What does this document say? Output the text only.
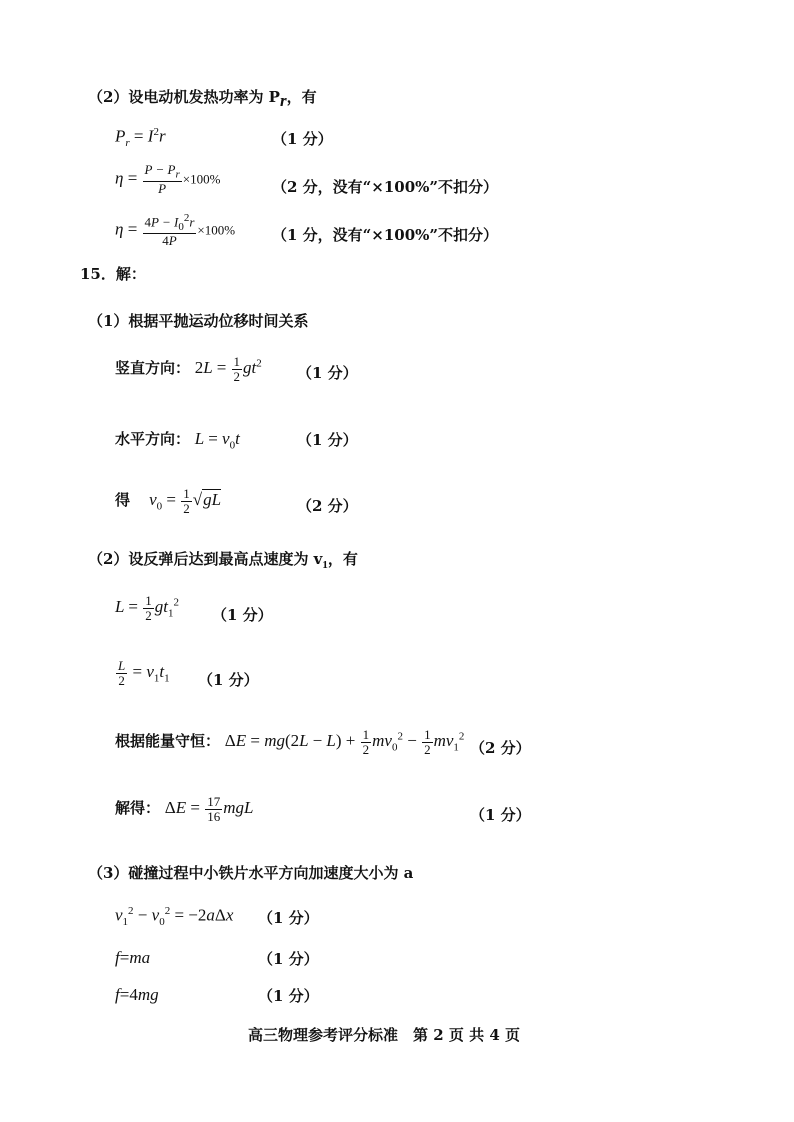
（2）设电动机发热功率为 $P_r$，有
$P_r = I^2r$	（1 分）
$\eta = \frac{P - P_r}{P} \times 100\%$	（2 分，没有“×100%”不扣分）
$\eta = \frac{4P - I_0^2r}{4P} \times 100\%$ （1 分，没有“×100%”不扣分）
15．解：
（1）根据平抛运动位移时间关系
竖直方向： $2L = \frac{1}{2} gt^2$
（1 分）
水平方向： $L = v_0t$	（1 分）
得 $v_0 = \frac{1}{2} √gL$	（2 分）
（2）设反弹后达到最高点速度为 $v_1$，有
$L = \frac{1}{2} gt_1^2$
（1 分）
$\frac{L}{2} = v_1t_1$ （1 分）
根据能量守恒： $\Delta E = mg(2L - L) + \frac{1}{2} mv_0^2 - \frac{1}{2} mv_1^2$
（2 分）
解得： $\Delta E = \frac{17}{16}$ mgL	（1 分）
（3）碰撞过程中小铁片水平方向加速度大小为 a
$v_1^2 - v_0^2 = -2a\Delta x$ （1 分）
f=ma	（1 分）
f=4mg	（1 分）
高三物理参考评分标准　第 2 页 共 4 页
